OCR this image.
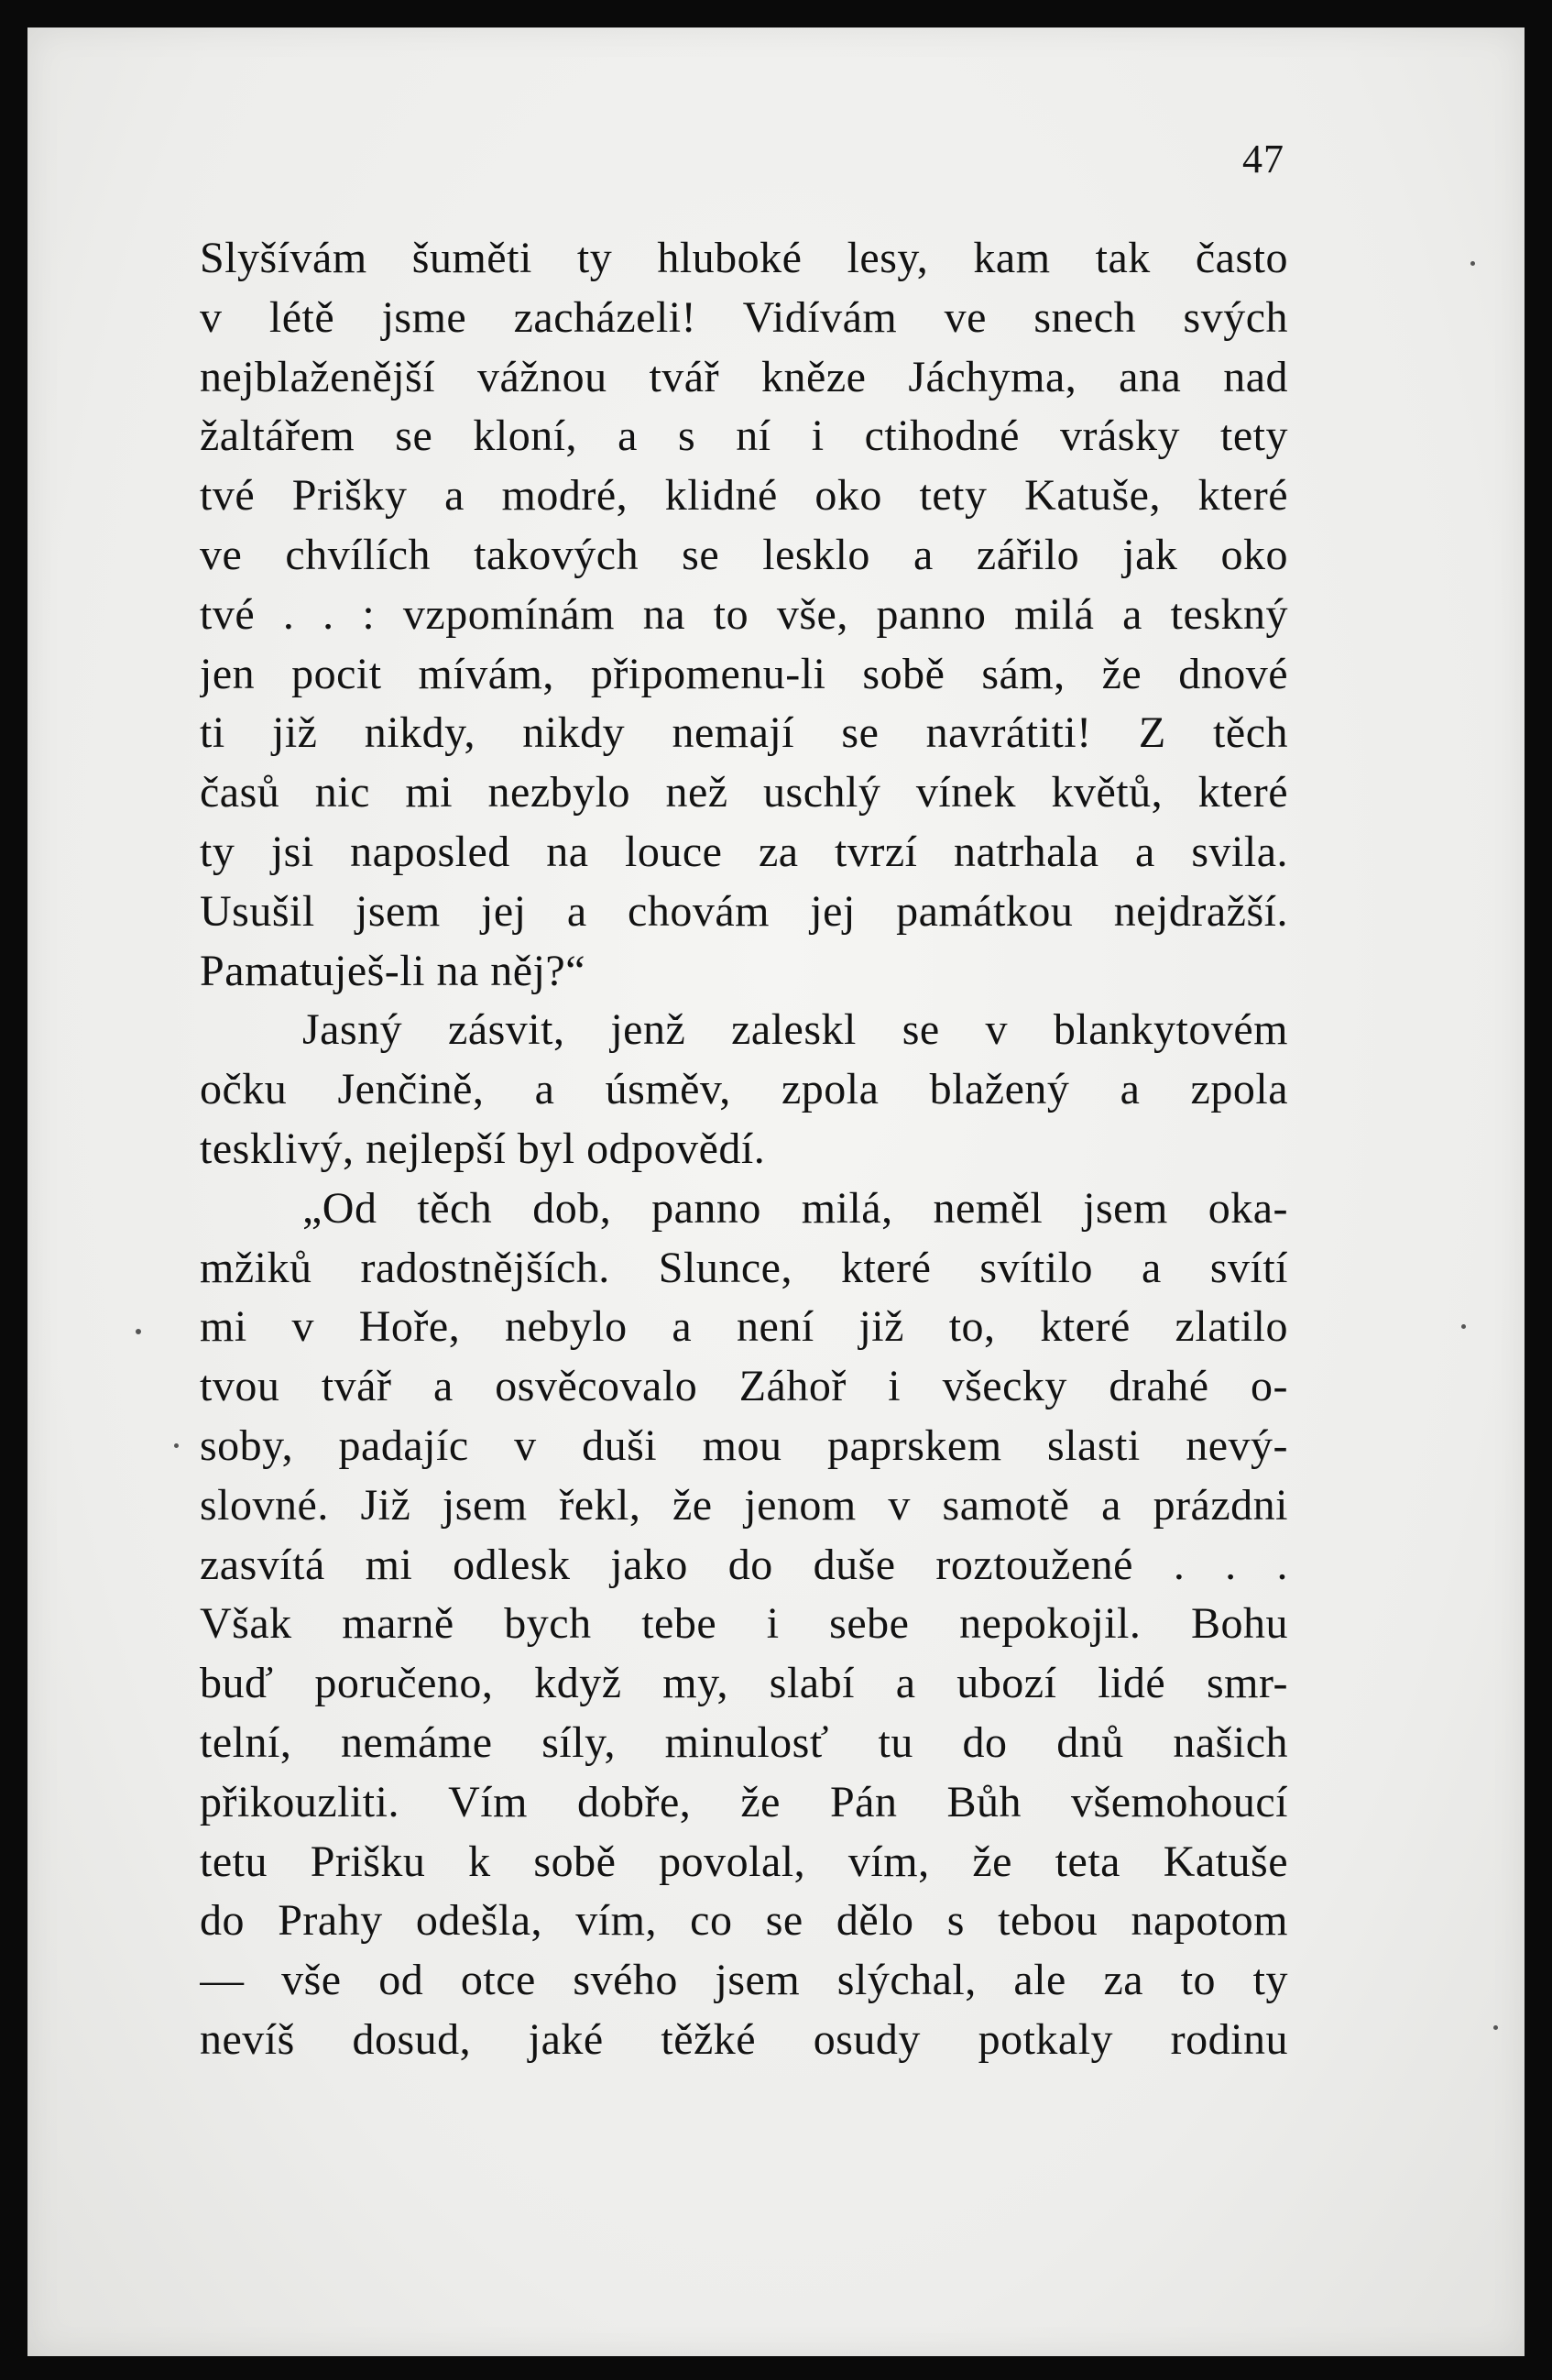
47
Slyšívám šuměti ty hluboké lesy, kam tak často
v létě jsme zacházeli! Vidívám ve snech svých
nejblaženější vážnou tvář kněze Jáchyma, ana nad
žaltářem se kloní, a s ní i ctihodné vrásky tety
tvé Prišky a modré, klidné oko tety Katuše, které
ve chvílích takových se lesklo a zářilo jak oko
tvé . . : vzpomínám na to vše, panno milá a teskný
jen pocit mívám, připomenu-li sobě sám, že dnové
ti již nikdy, nikdy nemají se navrátiti! Z těch
časů nic mi nezbylo než uschlý vínek květů, které
ty jsi naposled na louce za tvrzí natrhala a svila.
Usušil jsem jej a chovám jej památkou nejdražší.
Pamatuješ-li na něj?“
Jasný zásvit, jenž zaleskl se v blankytovém
očku Jenčině, a úsměv, zpola blažený a zpola
tesklivý, nejlepší byl odpovědí.
„Od těch dob, panno milá, neměl jsem oka-
mžiků radostnějších. Slunce, které svítilo a svítí
mi v Hoře, nebylo a není již to, které zlatilo
tvou tvář a osvěcovalo Záhoř i všecky drahé o-
soby, padajíc v duši mou paprskem slasti nevý-
slovné. Již jsem řekl, že jenom v samotě a prázdni
zasvítá mi odlesk jako do duše roztoužené . . .
Však marně bych tebe i sebe nepokojil. Bohu
buď poručeno, když my, slabí a ubozí lidé smr-
telní, nemáme síly, minulosť tu do dnů našich
přikouzliti. Vím dobře, že Pán Bůh všemohoucí
tetu Prišku k sobě povolal, vím, že teta Katuše
do Prahy odešla, vím, co se dělo s tebou napotom
— vše od otce svého jsem slýchal, ale za to ty
nevíš dosud, jaké těžké osudy potkaly rodinu
